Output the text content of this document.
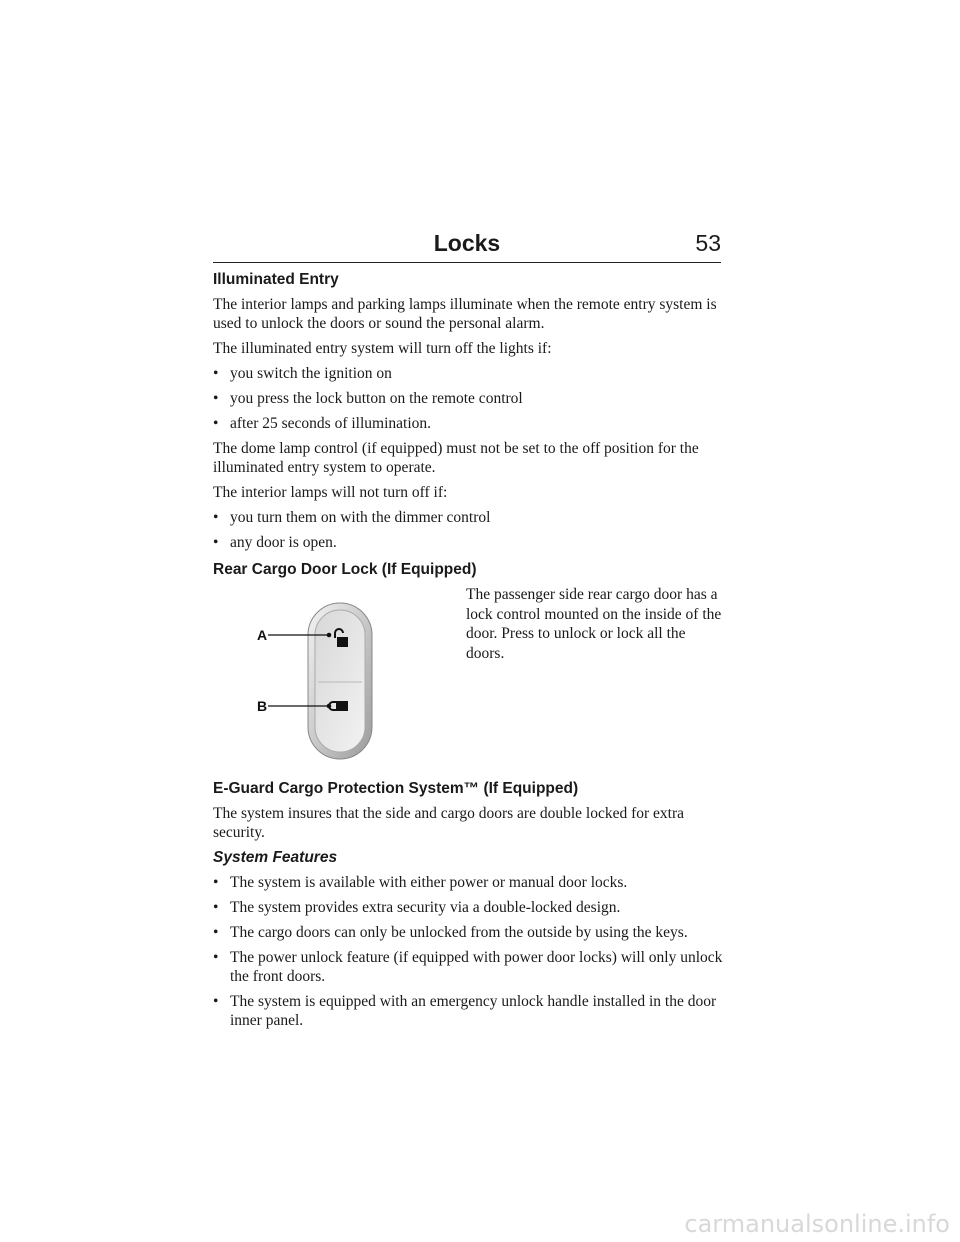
Locks	53
Illuminated Entry

The interior lamps and parking lamps illuminate when the remote entry system is used to unlock the doors or sound the personal alarm.

The illuminated entry system will turn off the lights if:

• you switch the ignition on
• you press the lock button on the remote control
• after 25 seconds of illumination.

The dome lamp control (if equipped) must not be set to the off position for the illuminated entry system to operate.

The interior lamps will not turn off if:

• you turn them on with the dimmer control
• any door is open.
Rear Cargo Door Lock (If Equipped)
A
B

The passenger side rear cargo door has a lock control mounted on the inside of the door. Press to unlock or lock all the doors.

E-Guard Cargo Protection System™ (If Equipped)

The system insures that the side and cargo doors are double locked for extra security.

System Features
• The system is available with either power or manual door locks.
• The system provides extra security via a double-locked design.
• The cargo doors can only be unlocked from the outside by using the keys.
• The power unlock feature (if equipped with power door locks) will only unlock the front doors.
• The system is equipped with an emergency unlock handle installed in the door inner panel.
carmanualsonline.info
